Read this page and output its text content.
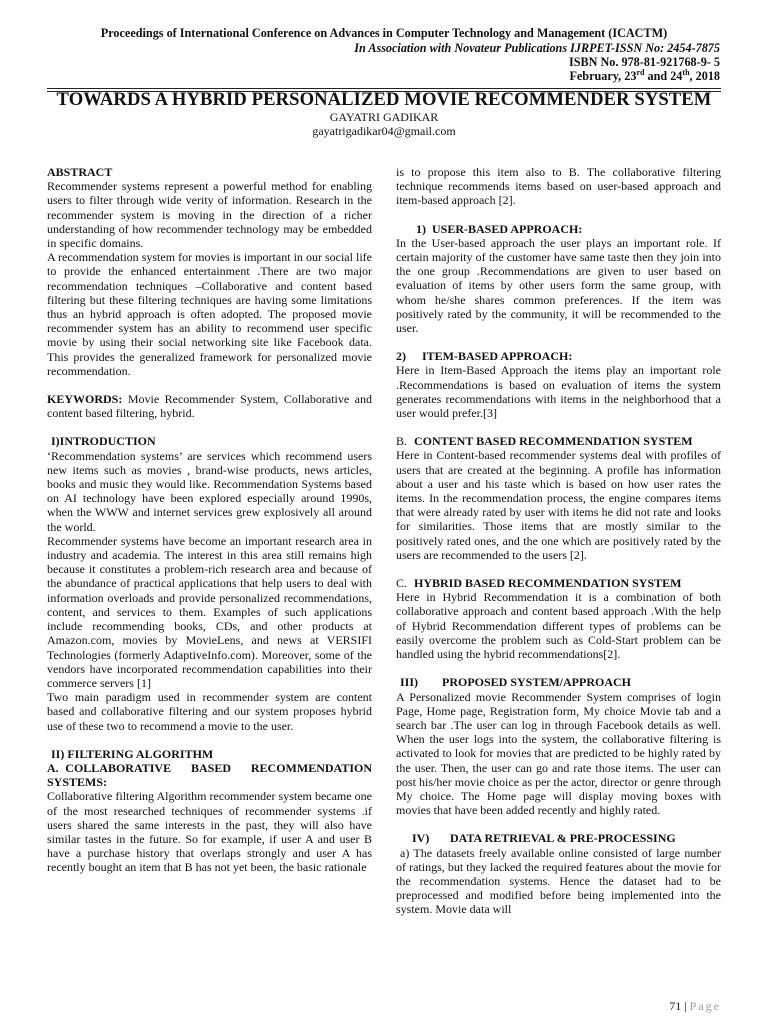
Proceedings of International Conference on Advances in Computer Technology and Management (ICACTM)
In Association with Novateur Publications IJRPET-ISSN No: 2454-7875
ISBN No. 978-81-921768-9- 5
February, 23rd and 24th, 2018
TOWARDS A HYBRID PERSONALIZED MOVIE RECOMMENDER SYSTEM
GAYATRI GADIKAR
gayatrigadikar04@gmail.com

ABSTRACT

Recommender systems represent a powerful method for enabling users to filter through wide verity of information. Research in the recommender system is moving in the direction of a richer understanding of how recommender technology may be embedded in specific domains.

A recommendation system for movies is important in our social life to provide the enhanced entertainment .There are two major recommendation techniques –Collaborative and content based filtering but these filtering techniques are having some limitations thus an hybrid approach is often adopted. The proposed movie recommender system has an ability to recommend user specific movie by using their social networking site like Facebook data. This provides the generalized framework for personalized movie recommendation.

KEYWORDS: Movie Recommender System, Collaborative and content based filtering, hybrid.

I)INTRODUCTION

‘Recommendation systems’ are services which recommend users new items such as movies , brand-wise products, news articles, books and music they would like. Recommendation Systems based on AI technology have been explored especially around 1990s, when the WWW and internet services grew explosively all around the world.

Recommender systems have become an important research area in industry and academia. The interest in this area still remains high because it constitutes a problem-rich research area and because of the abundance of practical applications that help users to deal with information overloads and provide personalized recommendations, content, and services to them. Examples of such applications include recommending books, CDs, and other products at Amazon.com, movies by MovieLens, and news at VERSIFI Technologies (formerly AdaptiveInfo.com). Moreover, some of the vendors have incorporated recommendation capabilities into their commerce servers [1]

Two main paradigm used in recommender system are content based and collaborative filtering and our system proposes hybrid use of these two to recommend a movie to the user.

II) FILTERING ALGORITHM

A.  COLLABORATIVE      BASED      RECOMMENDATION SYSTEMS:

Collaborative filtering Algorithm recommender system became one of the most researched techniques of recommender systems .if users shared the same interests in the past, they will also have similar tastes in the future. So for example, if user A and user B have a purchase history that overlaps strongly and user A has recently bought an item that B has not yet been, the basic rationale

is to propose this item also to B. The collaborative filtering technique recommends items based on user-based approach and item-based approach [2].

1)  USER-BASED APPROACH:

In the User-based approach the user plays an important role. If certain majority of the customer have same taste then they join into the one group .Recommendations are given to user based on evaluation of items by other users form the same group, with whom he/she shares common preferences. If the item was positively rated by the community, it will be recommended to the user.

2) ITEM-BASED APPROACH:

Here in Item-Based Approach the items play an important role .Recommendations is based on evaluation of items the system generates recommendations with items in the neighborhood that a user would prefer.[3]

B. CONTENT BASED RECOMMENDATION SYSTEM

Here in Content-based recommender systems deal with profiles of users that are created at the beginning. A profile has information about a user and his taste which is based on how user rates the items. In the recommendation process, the engine compares items that were already rated by user with items he did not rate and looks for similarities. Those items that are mostly similar to the positively rated ones, and the one which are positively rated by the users are recommended to the users [2].

C. HYBRID BASED RECOMMENDATION SYSTEM

Here in Hybrid Recommendation it is a combination of both collaborative approach and content based approach .With the help of Hybrid Recommendation different types of problems can be easily overcome the problem such as Cold-Start problem can be handled using the hybrid recommendations[2].

III) PROPOSED SYSTEM/APPROACH

A Personalized movie Recommender System comprises of login Page, Home page, Registration form, My choice Movie tab and a search bar .The user can log in through Facebook details as well. When the user logs into the system, the collaborative filtering is activated to look for movies that are predicted to be highly rated by the user. Then, the user can go and rate those items. The user can post his/her movie choice as per the actor, director or genre through My choice. The Home page will display moving boxes with movies that have been added recently and highly rated.

IV) DATA RETRIEVAL & PRE-PROCESSING

a) The datasets freely available online consisted of large number of ratings, but they lacked the required features about the movie for the recommendation systems. Hence the dataset had to be preprocessed and modified before being implemented into the system. Movie data will

71 | Page
